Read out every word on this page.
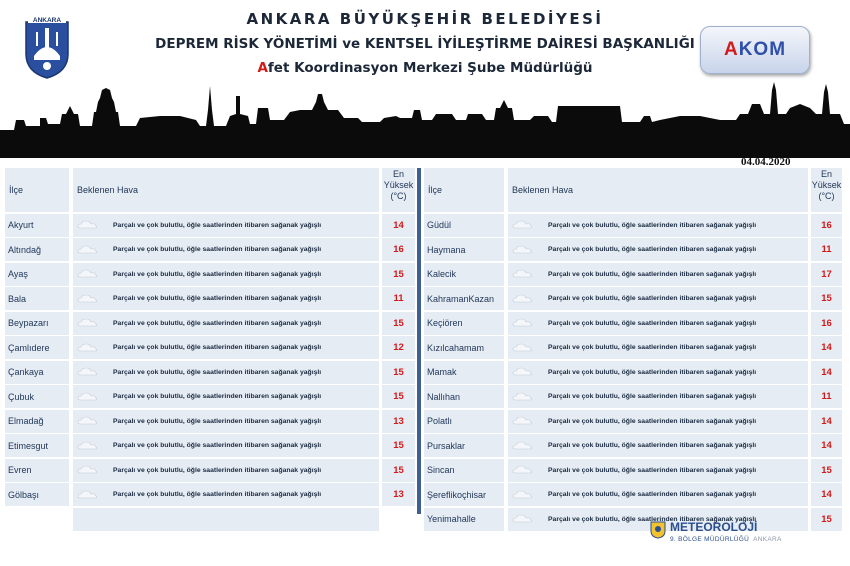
ANKARA	ANKARA BÜYÜKŞEHİR BELEDİYESİ
DEPREM RİSK YÖNETİMİ ve KENTSEL İYİLEŞTİRME DAİRESİ BAŞKANLIĞI
Afet Koordinasyon Merkezi Şube Müdürlüğü
A KOM
04.04.2020
İlçe	Beklenen Hava
En
Yüksek
(°C)
Akyurt	Parçalı ve çok bulutlu, öğle saatlerinden itibaren sağanak yağışlı	14
Altındağ	Parçalı ve çok bulutlu, öğle saatlerinden itibaren sağanak yağışlı	16
Ayaş	Parçalı ve çok bulutlu, öğle saatlerinden itibaren sağanak yağışlı	15
Bala	Parçalı ve çok bulutlu, öğle saatlerinden itibaren sağanak yağışlı	11
Beypazarı	Parçalı ve çok bulutlu, öğle saatlerinden itibaren sağanak yağışlı	15
Çamlıdere	Parçalı ve çok bulutlu, öğle saatlerinden itibaren sağanak yağışlı	12
Çankaya	Parçalı ve çok bulutlu, öğle saatlerinden itibaren sağanak yağışlı	15
Çubuk	Parçalı ve çok bulutlu, öğle saatlerinden itibaren sağanak yağışlı	15
Elmadağ	Parçalı ve çok bulutlu, öğle saatlerinden itibaren sağanak yağışlı	13
Etimesgut	Parçalı ve çok bulutlu, öğle saatlerinden itibaren sağanak yağışlı	15
Evren	Parçalı ve çok bulutlu, öğle saatlerinden itibaren sağanak yağışlı	15
Gölbaşı	Parçalı ve çok bulutlu, öğle saatlerinden itibaren sağanak yağışlı	13
İlçe	Beklenen Hava
En
Yüksek
(°C)
Güdül	Parçalı ve çok bulutlu, öğle saatlerinden itibaren sağanak yağışlı	16
Haymana	Parçalı ve çok bulutlu, öğle saatlerinden itibaren sağanak yağışlı	11
Kalecik	Parçalı ve çok bulutlu, öğle saatlerinden itibaren sağanak yağışlı	17
KahramanKazan	Parçalı ve çok bulutlu, öğle saatlerinden itibaren sağanak yağışlı	15
Keçiören	Parçalı ve çok bulutlu, öğle saatlerinden itibaren sağanak yağışlı	16
Kızılcahamam	Parçalı ve çok bulutlu, öğle saatlerinden itibaren sağanak yağışlı	14
Mamak	Parçalı ve çok bulutlu, öğle saatlerinden itibaren sağanak yağışlı	14
Nallıhan	Parçalı ve çok bulutlu, öğle saatlerinden itibaren sağanak yağışlı	11
Polatlı	Parçalı ve çok bulutlu, öğle saatlerinden itibaren sağanak yağışlı	14
Pursaklar	Parçalı ve çok bulutlu, öğle saatlerinden itibaren sağanak yağışlı	14
Sincan	Parçalı ve çok bulutlu, öğle saatlerinden itibaren sağanak yağışlı	15
Şereflikoçhisar	Parçalı ve çok bulutlu, öğle saatlerinden itibaren sağanak yağışlı	14
Yenimahalle	Parçalı ve çok bulutlu, öğle saatlerinden itibaren sağanak yağışlı	15
METEOROLOJİ
9. BÖLGE MÜDÜRLÜĞÜ ANKARA
